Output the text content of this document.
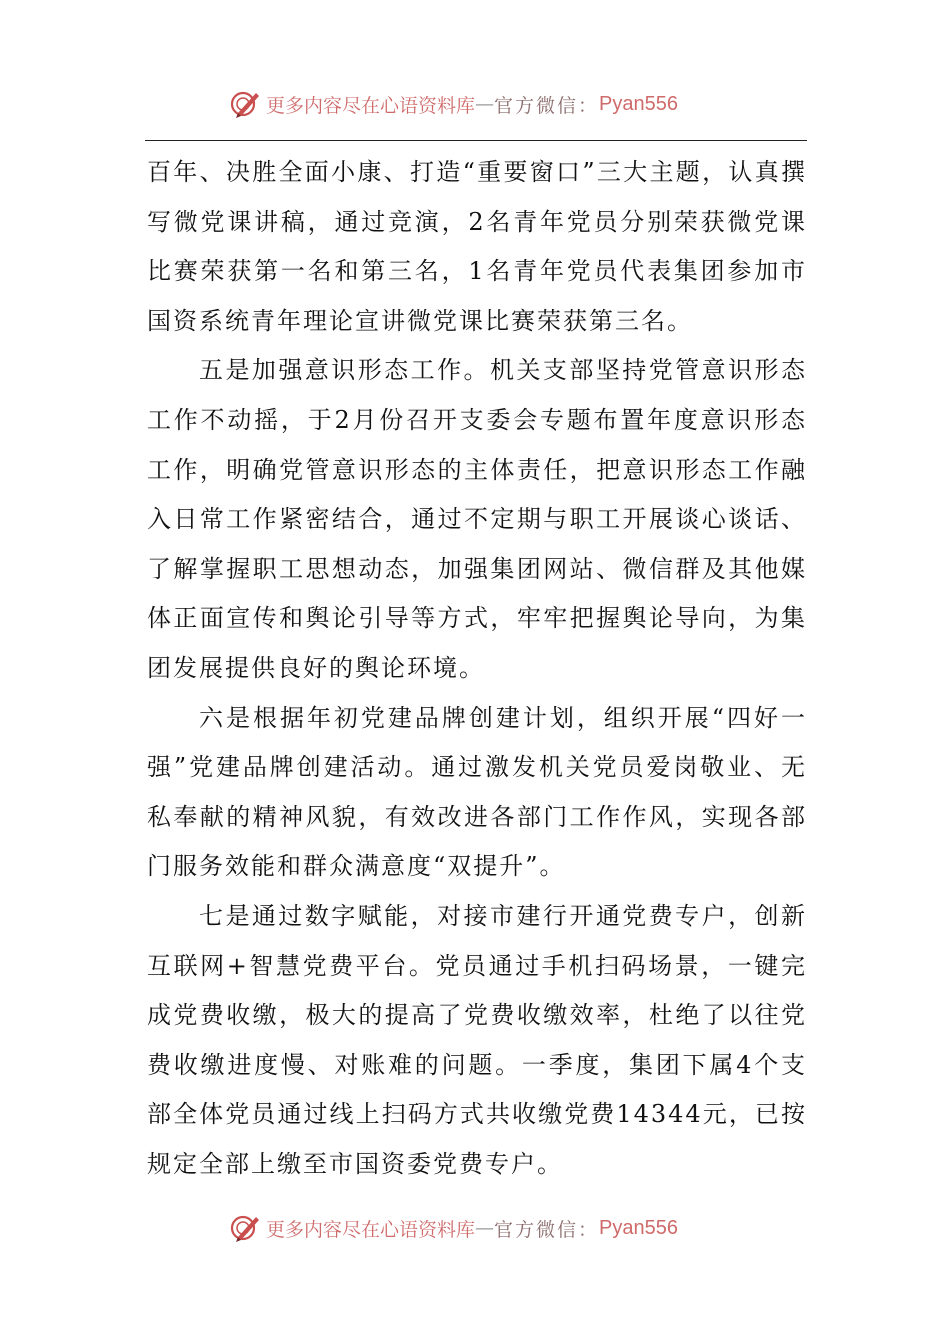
更多内容尽在心语资料库 — 官方微信： Pyan556

百年、决胜全面小康、打造“重要窗口”三大主题，认真撰写微党课讲稿，通过竞演，2名青年党员分别荣获微党课比赛荣获第一名和第三名，1名青年党员代表集团参加市国资系统青年理论宣讲微党课比赛荣获第三名。

五是加强意识形态工作。机关支部坚持党管意识形态工作不动摇，于2月份召开支委会专题布置年度意识形态工作，明确党管意识形态的主体责任，把意识形态工作融入日常工作紧密结合，通过不定期与职工开展谈心谈话、了解掌握职工思想动态，加强集团网站、微信群及其他媒体正面宣传和舆论引导等方式，牢牢把握舆论导向，为集团发展提供良好的舆论环境。

六是根据年初党建品牌创建计划，组织开展“四好一强”党建品牌创建活动。通过激发机关党员爱岗敬业、无私奉献的精神风貌，有效改进各部门工作作风，实现各部门服务效能和群众满意度“双提升”。

七是通过数字赋能，对接市建行开通党费专户，创新互联网+智慧党费平台。党员通过手机扫码场景，一键完成党费收缴，极大的提高了党费收缴效率，杜绝了以往党费收缴进度慢、对账难的问题。一季度，集团下属4个支部全体党员通过线上扫码方式共收缴党费14344元，已按规定全部上缴至市国资委党费专户。

更多内容尽在心语资料库 — 官方微信： Pyan556
